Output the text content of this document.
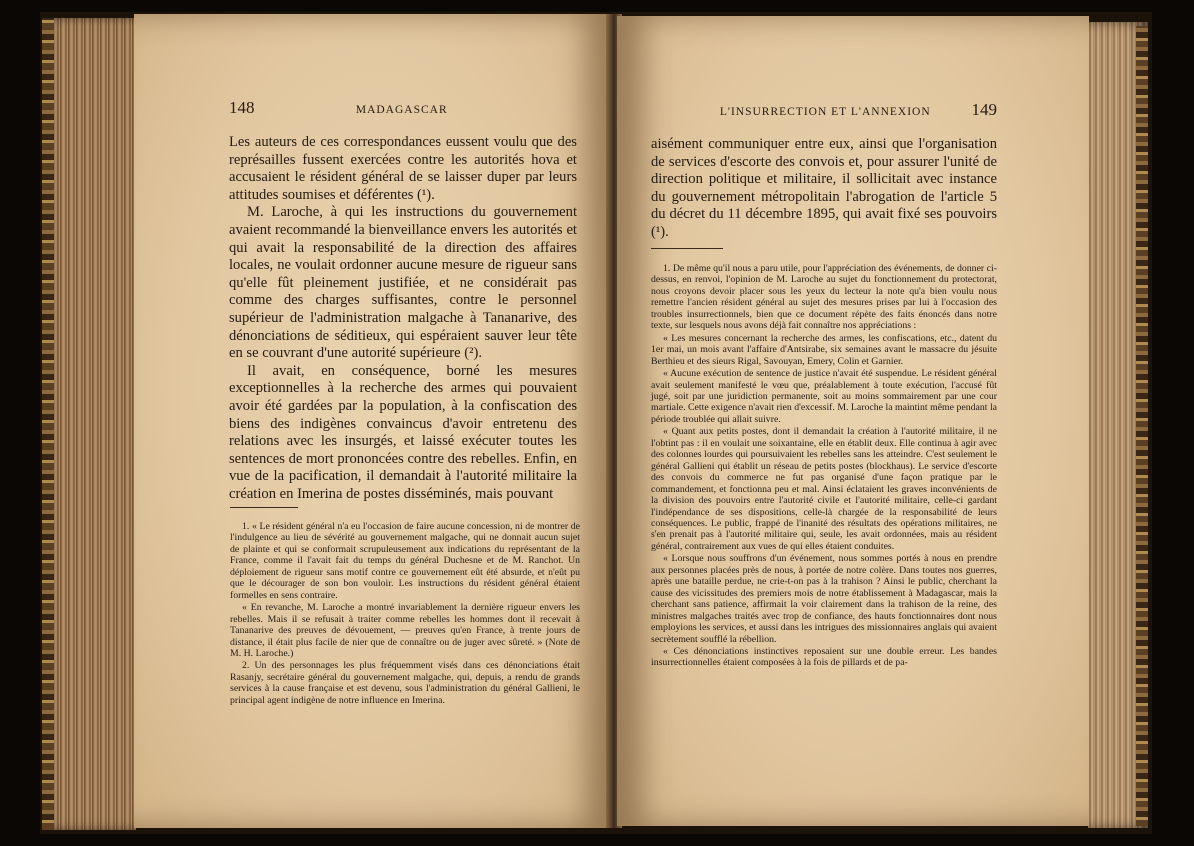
148	MADAGASCAR

Les auteurs de ces correspondances eussent voulu que des représailles fussent exercées contre les autorités hova et accusaient le résident général de se laisser duper par leurs attitudes soumises et déférentes (¹).

M. Laroche, à qui les instructions du gouvernement avaient recommandé la bienveillance envers les autorités et qui avait la responsabilité de la direction des affaires locales, ne voulait ordonner aucune mesure de rigueur sans qu'elle fût pleinement justifiée, et ne considérait pas comme des charges suffisantes, contre le personnel supérieur de l'administration malgache à Tananarive, des dénonciations de séditieux, qui espéraient sauver leur tête en se couvrant d'une autorité supérieure (²).

Il avait, en conséquence, borné les mesures exceptionnelles à la recherche des armes qui pouvaient avoir été gardées par la population, à la confiscation des biens des indigènes convaincus d'avoir entretenu des relations avec les insurgés, et laissé exécuter toutes les sentences de mort prononcées contre des rebelles. Enfin, en vue de la pacification, il demandait à l'autorité militaire la création en Imerina de postes disséminés, mais pouvant

1. « Le résident général n'a eu l'occasion de faire aucune concession, ni de montrer de l'indulgence au lieu de sévérité au gouvernement malgache, qui ne donnait aucun sujet de plainte et qui se conformait scrupuleusement aux indications du représentant de la France, comme il l'avait fait du temps du général Duchesne et de M. Ranchot. Un déploiement de rigueur sans motif contre ce gouvernement eût été absurde, et n'eût pu que le décourager de son bon vouloir. Les instructions du résident général étaient formelles en sens contraire.

« En revanche, M. Laroche a montré invariablement la dernière rigueur envers les rebelles. Mais il se refusait à traiter comme rebelles les hommes dont il recevait à Tananarive des preuves de dévouement, — preuves qu'en France, à trente jours de distance, il était plus facile de nier que de connaître ou de juger avec sûreté. » (Note de M. H. Laroche.)

2. Un des personnages les plus fréquemment visés dans ces dénonciations était Rasanjy, secrétaire général du gouvernement malgache, qui, depuis, a rendu de grands services à la cause française et est devenu, sous l'administration du général Gallieni, le principal agent indigène de notre influence en Imerina.

L'INSURRECTION ET L'ANNEXION 149

aisément communiquer entre eux, ainsi que l'organisation de services d'escorte des convois et, pour assurer l'unité de direction politique et militaire, il sollicitait avec instance du gouvernement métropolitain l'abrogation de l'article 5 du décret du 11 décembre 1895, qui avait fixé ses pouvoirs (¹).

1. De même qu'il nous a paru utile, pour l'appréciation des événements, de donner ci-dessus, en renvoi, l'opinion de M. Laroche au sujet du fonctionnement du protectorat, nous croyons devoir placer sous les yeux du lecteur la note qu'a bien voulu nous remettre l'ancien résident général au sujet des mesures prises par lui à l'occasion des troubles insurrectionnels, bien que ce document répète des faits énoncés dans notre texte, sur lesquels nous avons déjà fait connaître nos appréciations :

« Les mesures concernant la recherche des armes, les confiscations, etc., datent du 1er mai, un mois avant l'affaire d'Antsirabe, six semaines avant le massacre du jésuite Berthieu et des sieurs Rigal, Savouyan, Emery, Colin et Garnier.

« Aucune exécution de sentence de justice n'avait été suspendue. Le résident général avait seulement manifesté le vœu que, préalablement à toute exécution, l'accusé fût jugé, soit par une juridiction permanente, soit au moins sommairement par une cour martiale. Cette exigence n'avait rien d'excessif. M. Laroche la maintint même pendant la période troublée qui allait suivre.

« Quant aux petits postes, dont il demandait la création à l'autorité militaire, il ne l'obtint pas : il en voulait une soixantaine, elle en établit deux. Elle continua à agir avec des colonnes lourdes qui poursuivaient les rebelles sans les atteindre. C'est seulement le général Gallieni qui établit un réseau de petits postes (blockhaus). Le service d'escorte des convois du commerce ne fut pas organisé d'une façon pratique par le commandement, et fonctionna peu et mal. Ainsi éclataient les graves inconvénients de la division des pouvoirs entre l'autorité civile et l'autorité militaire, celle-ci gardant l'indépendance de ses dispositions, celle-là chargée de la responsabilité de leurs conséquences. Le public, frappé de l'inanité des résultats des opérations militaires, ne s'en prenait pas à l'autorité militaire qui, seule, les avait ordonnées, mais au résident général, contrairement aux vues de qui elles étaient conduites.

« Lorsque nous souffrons d'un événement, nous sommes portés à nous en prendre aux personnes placées près de nous, à portée de notre colère. Dans toutes nos guerres, après une bataille perdue, ne crie-t-on pas à la trahison ? Ainsi le public, cherchant la cause des vicissitudes des premiers mois de notre établissement à Madagascar, mais la cherchant sans patience, affirmait la voir clairement dans la trahison de la reine, des ministres malgaches traités avec trop de confiance, des hauts fonctionnaires dont nous employions les services, et aussi dans les intrigues des missionnaires anglais qui avaient secrètement soufflé la rébellion.

« Ces dénonciations instinctives reposaient sur une double erreur. Les bandes insurrectionnelles étaient composées à la fois de pillards et de pa-
